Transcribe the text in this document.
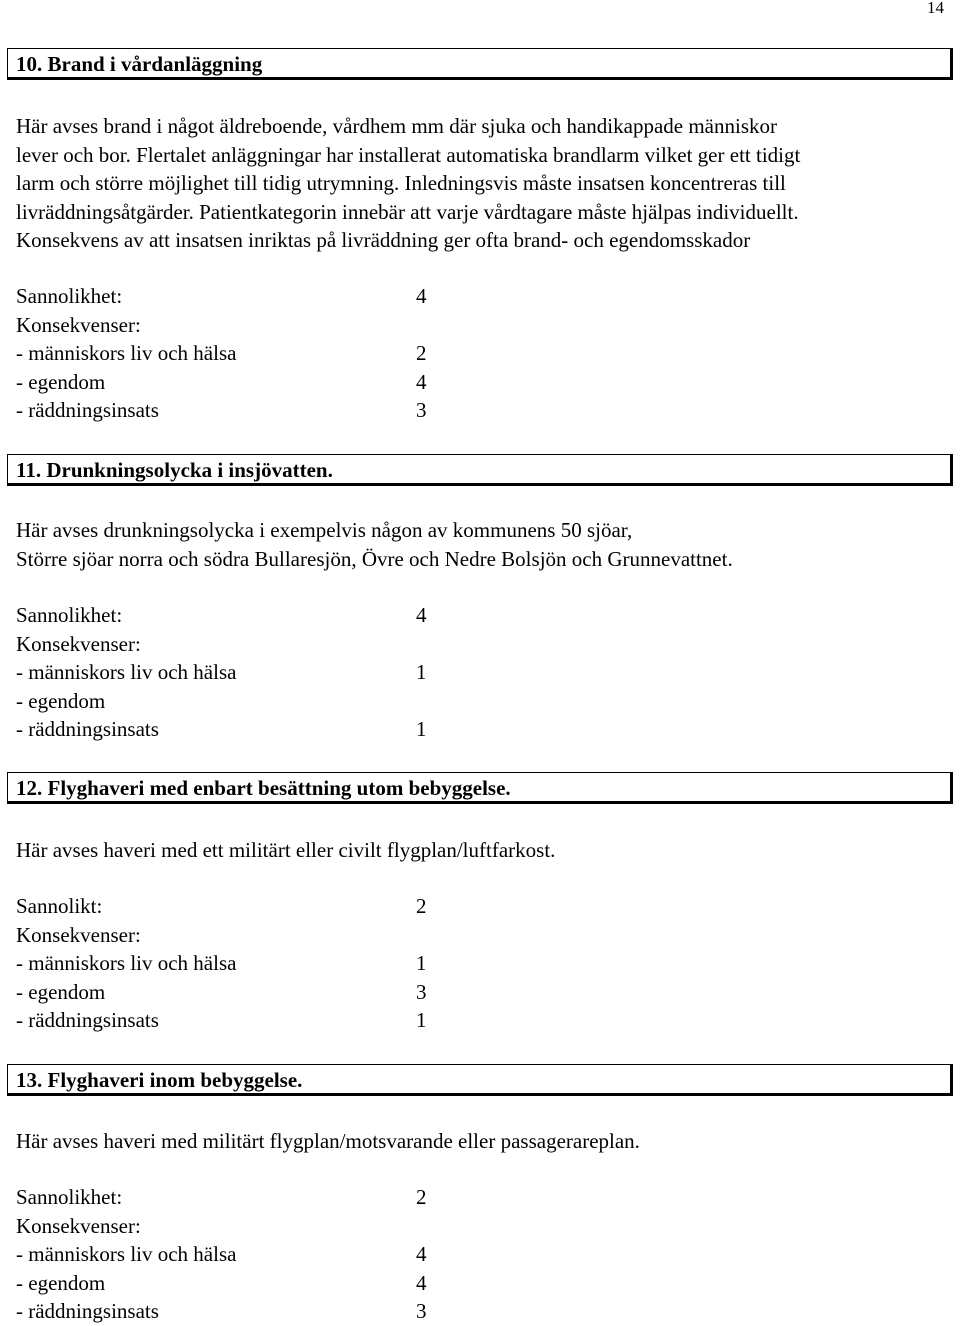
14
10. Brand i vårdanläggning
Här avses brand i något äldreboende, vårdhem mm där sjuka och handikappade människor
lever och bor. Flertalet anläggningar har installerat automatiska brandlarm vilket ger ett tidigt
larm och större möjlighet till tidig utrymning. Inledningsvis måste insatsen koncentreras till
livräddningsåtgärder. Patientkategorin innebär att varje vårdtagare måste hjälpas individuellt.
Konsekvens av att insatsen inriktas på livräddning ger ofta brand- och egendomsskador
Sannolikhet:	4
Konsekvenser:
- människors liv och hälsa	2
- egendom	4
- räddningsinsats	3
11. Drunkningsolycka i insjövatten.
Här avses drunkningsolycka i exempelvis någon av kommunens 50 sjöar,
Större sjöar norra och södra Bullaresjön, Övre och Nedre Bolsjön och Grunnevattnet.
Sannolikhet:	4
Konsekvenser:
- människors liv och hälsa	1
- egendom
- räddningsinsats	1
12. Flyghaveri med enbart besättning utom bebyggelse.
Här avses haveri med ett militärt eller civilt flygplan/luftfarkost.
Sannolikt:	2
Konsekvenser:
- människors liv och hälsa	1
- egendom	3
- räddningsinsats	1
13. Flyghaveri inom bebyggelse.
Här avses haveri med militärt flygplan/motsvarande eller passagerareplan.
Sannolikhet:	2
Konsekvenser:
- människors liv och hälsa	4
- egendom	4
- räddningsinsats	3
